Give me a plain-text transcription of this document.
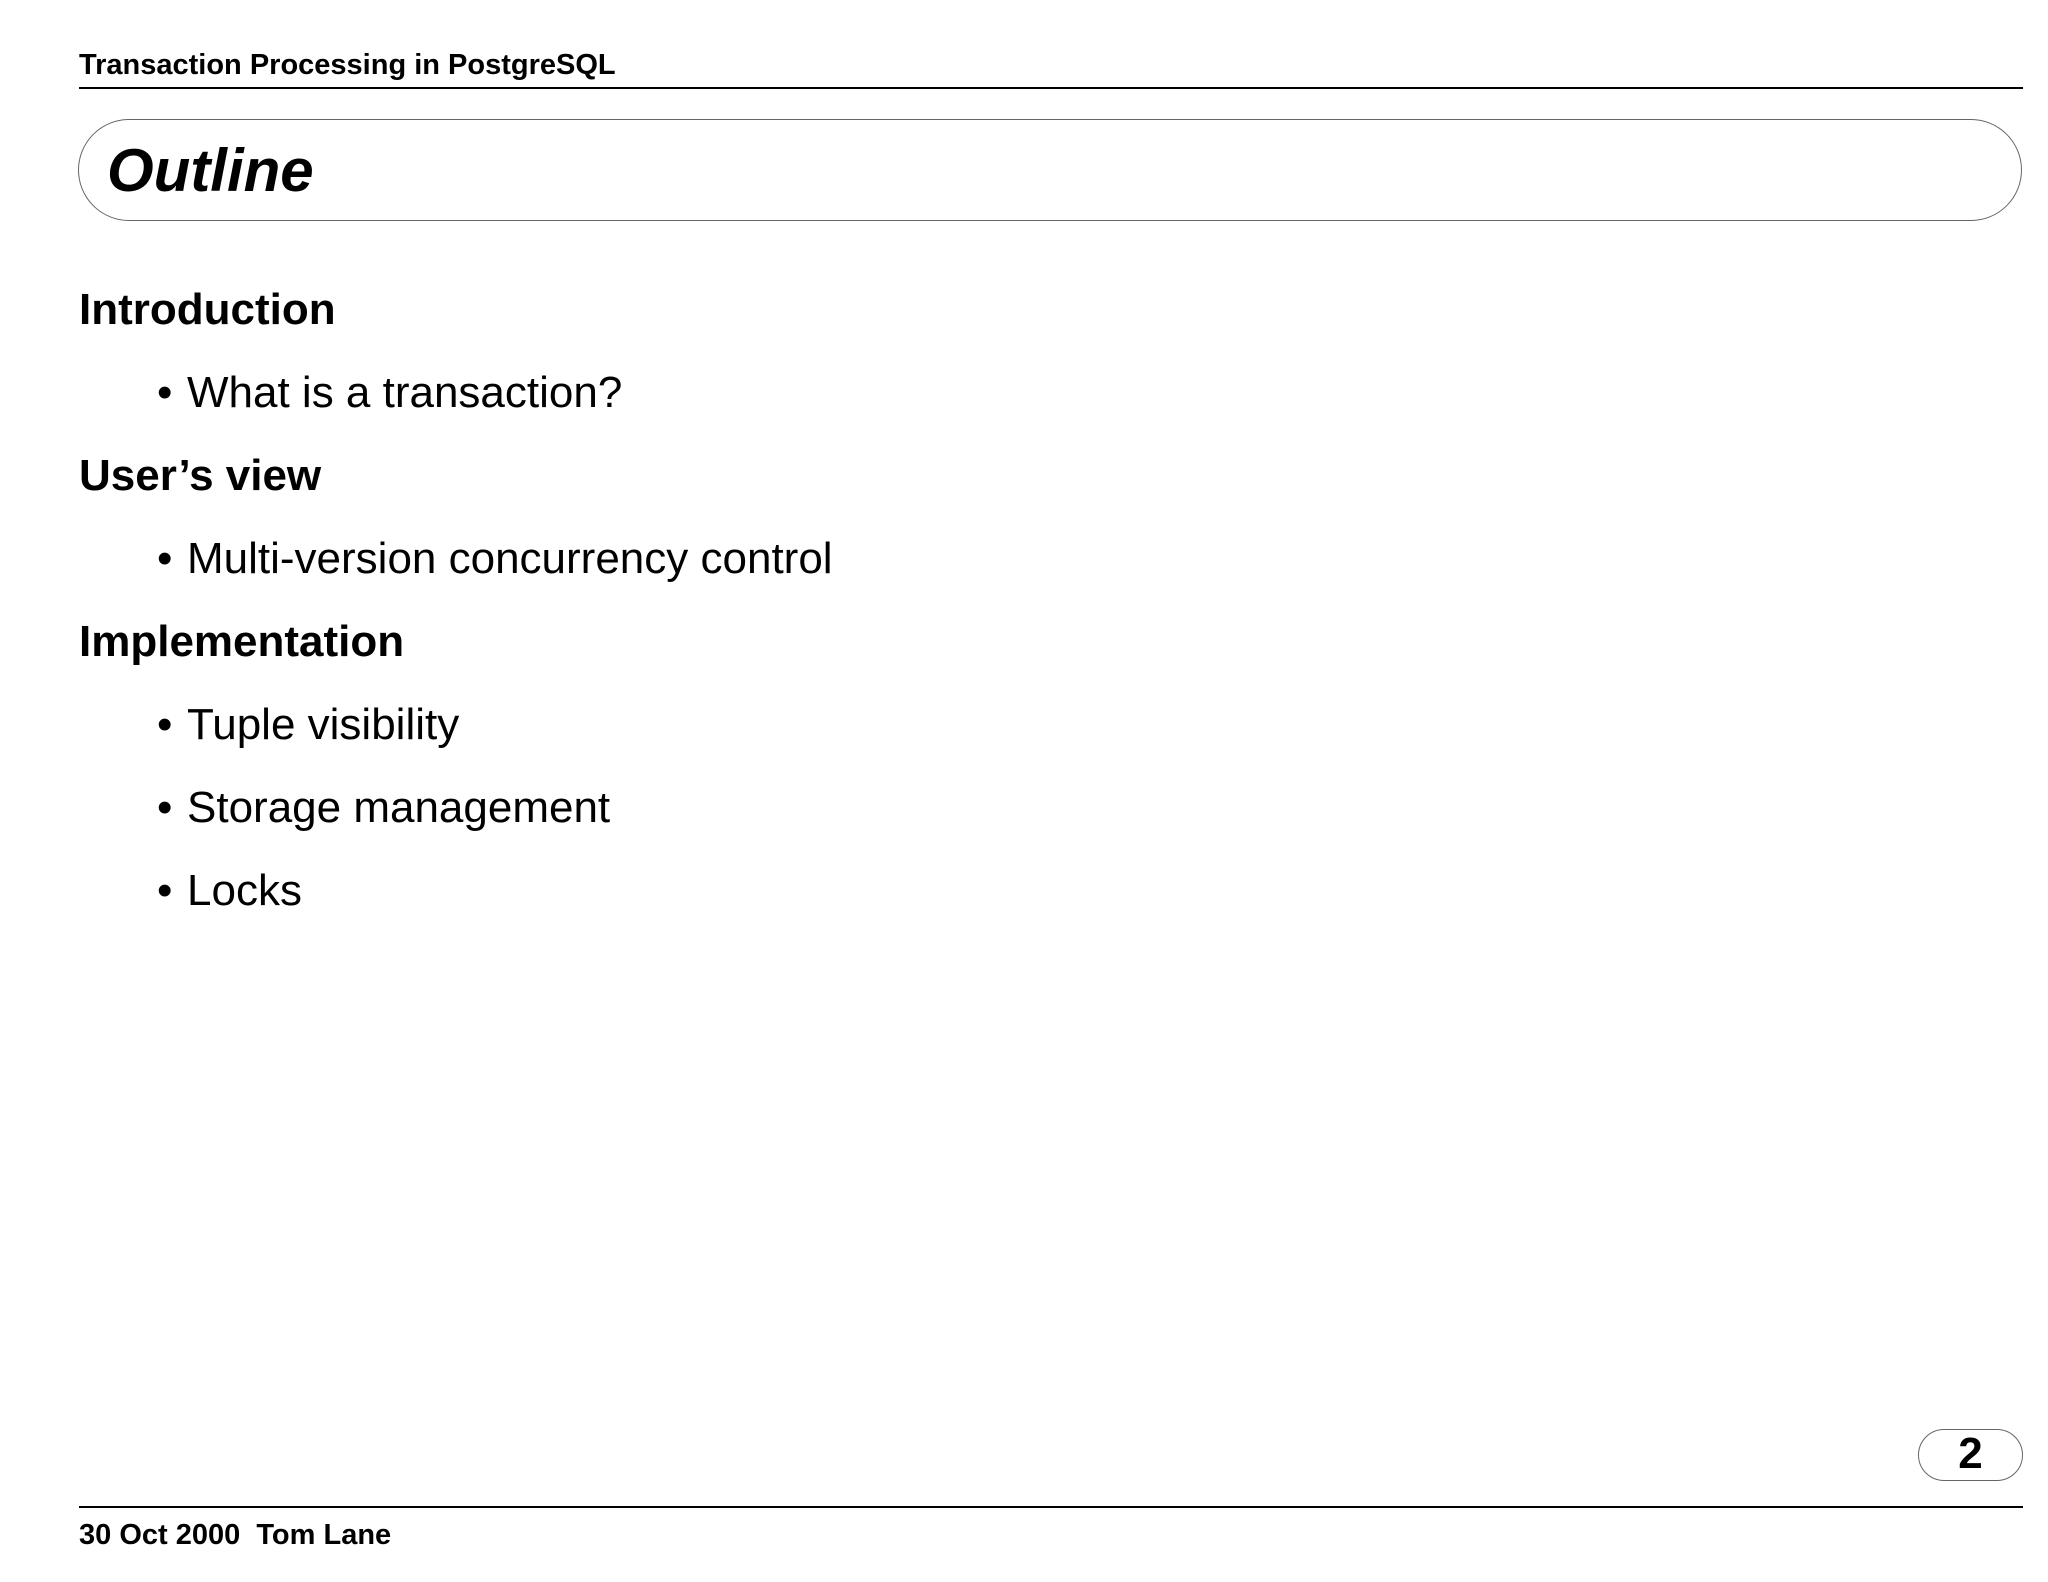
Transaction Processing in PostgreSQL
Outline
Introduction
• What is a transaction?
User’s view
• Multi-version concurrency control
Implementation
• Tuple visibility
• Storage management
• Locks
2
30 Oct 2000 Tom Lane
